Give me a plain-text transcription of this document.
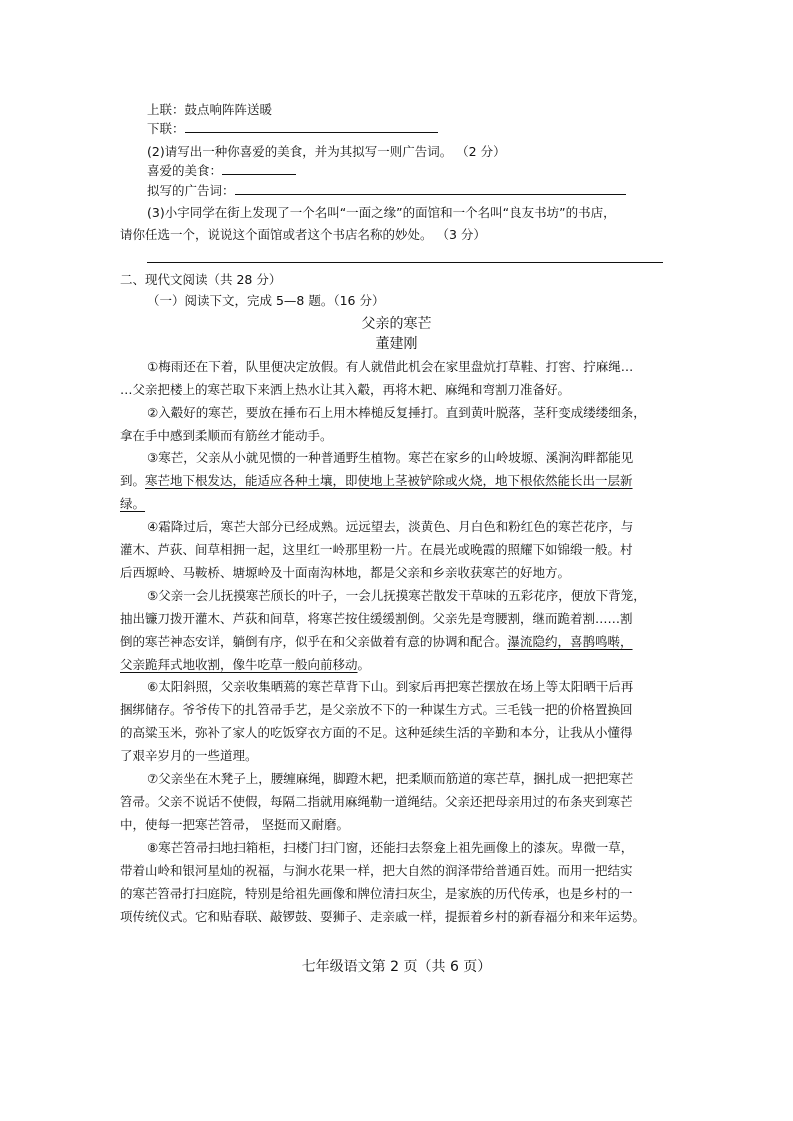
上联：鼓点响阵阵送暖
下联：
(2)请写出一种你喜爱的美食，并为其拟写一则广告词。 （2 分）
喜爱的美食：
拟写的广告词：
(3)小宇同学在街上发现了一个名叫“一面之缘”的面馆和一个名叫“良友书坊”的书店，
请你任选一个，说说这个面馆或者这个书店名称的妙处。 （3 分）
二、现代文阅读（共 28 分）
（一）阅读下文，完成 5—8 题。（16 分）
父亲的寒芒
董建刚
①梅雨还在下着，队里便决定放假。有人就借此机会在家里盘炕打草鞋、打窖、拧麻绳…
…父亲把楼上的寒芒取下来洒上热水让其入觳，再将木耙、麻绳和弯割刀准备好。
②入觳好的寒芒，要放在捶布石上用木棒槌反复捶打。直到黄叶脱落，茎秆变成缕缕细条，
拿在手中感到柔顺而有筋丝才能动手。
③寒芒，父亲从小就见惯的一种普通野生植物。寒芒在家乡的山岭坡塬、溪涧沟畔都能见
到。寒芒地下根发达，能适应各种土壤，即使地上茎被铲除或火烧，地下根依然能长出一层新
绿。
④霜降过后，寒芒大部分已经成熟。远远望去，淡黄色、月白色和粉红色的寒芒花序，与
灌木、芦荻、间草相拥一起，这里红一岭那里粉一片。在晨光或晚霞的照耀下如锦缎一般。村
后西塬岭、马鞍桥、塘塬岭及十面南沟林地，都是父亲和乡亲收获寒芒的好地方。
⑤父亲一会儿抚摸寒芒颀长的叶子，一会儿抚摸寒芒散发干草味的五彩花序，便放下背笼，
抽出镰刀拨开灌木、芦荻和间草，将寒芒按住缓缓割倒。父亲先是弯腰割，继而跪着割……割
倒的寒芒神态安详，躺倒有序，似乎在和父亲做着有意的协调和配合。瀑流隐约，喜鹊鸣啭，
父亲跪拜式地收割，像牛吃草一般向前移动。
⑥太阳斜照，父亲收集晒蔫的寒芒草背下山。到家后再把寒芒摆放在场上等太阳晒干后再
捆绑储存。爷爷传下的扎笤帚手艺，是父亲放不下的一种谋生方式。三毛钱一把的价格置换回
的高粱玉米，弥补了家人的吃饭穿衣方面的不足。这种延续生活的辛勤和本分，让我从小懂得
了艰辛岁月的一些道理。
⑦父亲坐在木凳子上，腰缠麻绳，脚蹬木耙，把柔顺而筋道的寒芒草，捆扎成一把把寒芒
笤帚。父亲不说话不使假，每隔二指就用麻绳勒一道绳结。父亲还把母亲用过的布条夹到寒芒
中，使每一把寒芒笤帚， 坚挺而又耐磨。
⑧寒芒笤帚扫地扫箱柜，扫楼门扫门窗，还能扫去祭龛上祖先画像上的漆灰。卑微一草，
带着山岭和银河星灿的祝福，与涧水花果一样，把大自然的润泽带给普通百姓。而用一把结实
的寒芒笤帚打扫庭院，特别是给祖先画像和牌位清扫灰尘，是家族的历代传承，也是乡村的一
项传统仪式。它和贴春联、敲锣鼓、耍狮子、走亲戚一样，提振着乡村的新春福分和来年运势。
七年级语文第 2 页（共 6 页）
